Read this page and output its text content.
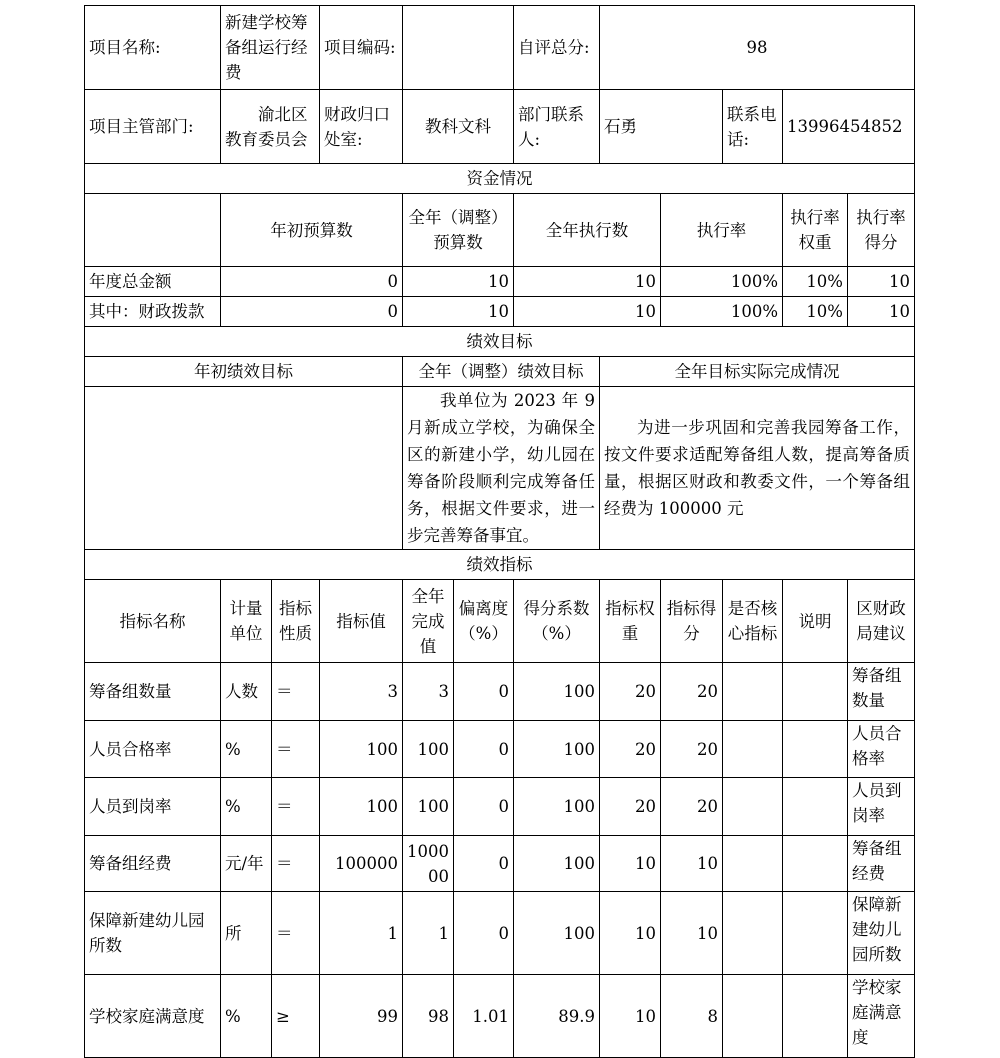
项目名称:	新建学校筹备组运行经费		项目编码:			自评总分:	98				
项目主管部门:	渝北区教育委员会		财政归口处室:	教科文科		部门联系人:	石勇		联系电话:	13996454852	
资金情况											
	年初预算数			全年（调整）预算数		全年执行数		执行率		执行率权重	执行率得分
年度总金额	0			10		10		100%		10%	10
其中：财政拨款	0			10		10		100%		10%	10
绩效目标											
年初绩效目标				全年（调整）绩效目标			全年目标实际完成情况				
				我单位为 2023 年 9 月新成立学校，为确保全区的新建小学，幼儿园在筹备阶段顺利完成筹备任务，根据文件要求，进一步完善筹备事宜。			为进一步巩固和完善我园筹备工作，按文件要求适配筹备组人数，提高筹备质量，根据区财政和教委文件，一个筹备组经费为 100000 元				
绩效指标											
指标名称	计量单位	指标性质	指标值	全年完成值	偏离度（%）	得分系数（%）	指标权重	指标得分	是否核心指标	说明	区财政局建议
筹备组数量	人数	＝	3	3	0	100	20	20			筹备组数量
人员合格率	%	＝	100	100	0	100	20	20			人员合格率
人员到岗率	%	＝	100	100	0	100	20	20			人员到岗率
筹备组经费	元/年	＝	100000	100000	0	100	10	10			筹备组经费
保障新建幼儿园所数	所	＝	1	1	0	100	10	10			保障新建幼儿园所数
学校家庭满意度	%	≥	99	98	1.01	89.9	10	8			学校家庭满意度
